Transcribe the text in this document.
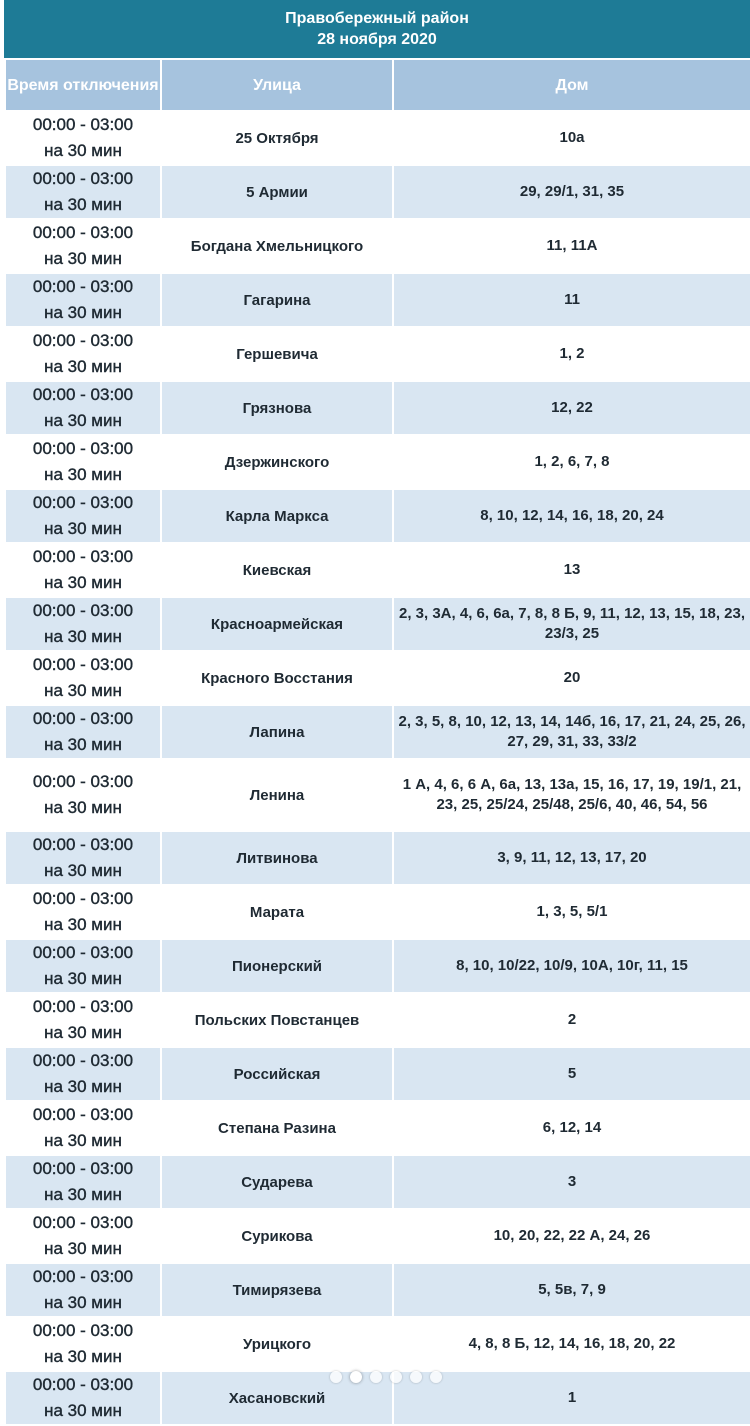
Правобережный район
28 ноября 2020
Время отключения	Улица	Дом

00:00 - 03:00
на 30 мин	25 Октября	10а

00:00 - 03:00
на 30 мин	5 Армии	29, 29/1, 31, 35

00:00 - 03:00
на 30 мин	Богдана Хмельницкого	11, 11А

00:00 - 03:00
на 30 мин	Гагарина	11

00:00 - 03:00
на 30 мин	Гершевича	1, 2

00:00 - 03:00
на 30 мин	Грязнова	12, 22

00:00 - 03:00
на 30 мин	Дзержинского	1, 2, 6, 7, 8

00:00 - 03:00
на 30 мин	Карла Маркса	8, 10, 12, 14, 16, 18, 20, 24

00:00 - 03:00
на 30 мин	Киевская	13

00:00 - 03:00
на 30 мин	Красноармейская	2, 3, 3А, 4, 6, 6а, 7, 8, 8 Б, 9, 11, 12, 13, 15, 18, 23, 23/3, 25

00:00 - 03:00
на 30 мин	Красного Восстания	20

00:00 - 03:00
на 30 мин	Лапина	2, 3, 5, 8, 10, 12, 13, 14, 14б, 16, 17, 21, 24, 25, 26, 27, 29, 31, 33, 33/2

00:00 - 03:00
на 30 мин	Ленина	1 А, 4, 6, 6 А, 6а, 13, 13а, 15, 16, 17, 19, 19/1, 21, 23, 25, 25/24, 25/48, 25/6, 40, 46, 54, 56

00:00 - 03:00
на 30 мин	Литвинова	3, 9, 11, 12, 13, 17, 20

00:00 - 03:00
на 30 мин	Марата	1, 3, 5, 5/1

00:00 - 03:00
на 30 мин	Пионерский	8, 10, 10/22, 10/9, 10А, 10г, 11, 15

00:00 - 03:00
на 30 мин	Польских Повстанцев	2

00:00 - 03:00
на 30 мин	Российская	5

00:00 - 03:00
на 30 мин	Степана Разина	6, 12, 14

00:00 - 03:00
на 30 мин	Сударева	3

00:00 - 03:00
на 30 мин	Сурикова	10, 20, 22, 22 А, 24, 26

00:00 - 03:00
на 30 мин	Тимирязева	5, 5в, 7, 9

00:00 - 03:00
на 30 мин	Урицкого	4, 8, 8 Б, 12, 14, 16, 18, 20, 22

00:00 - 03:00
на 30 мин	Хасановский	1
